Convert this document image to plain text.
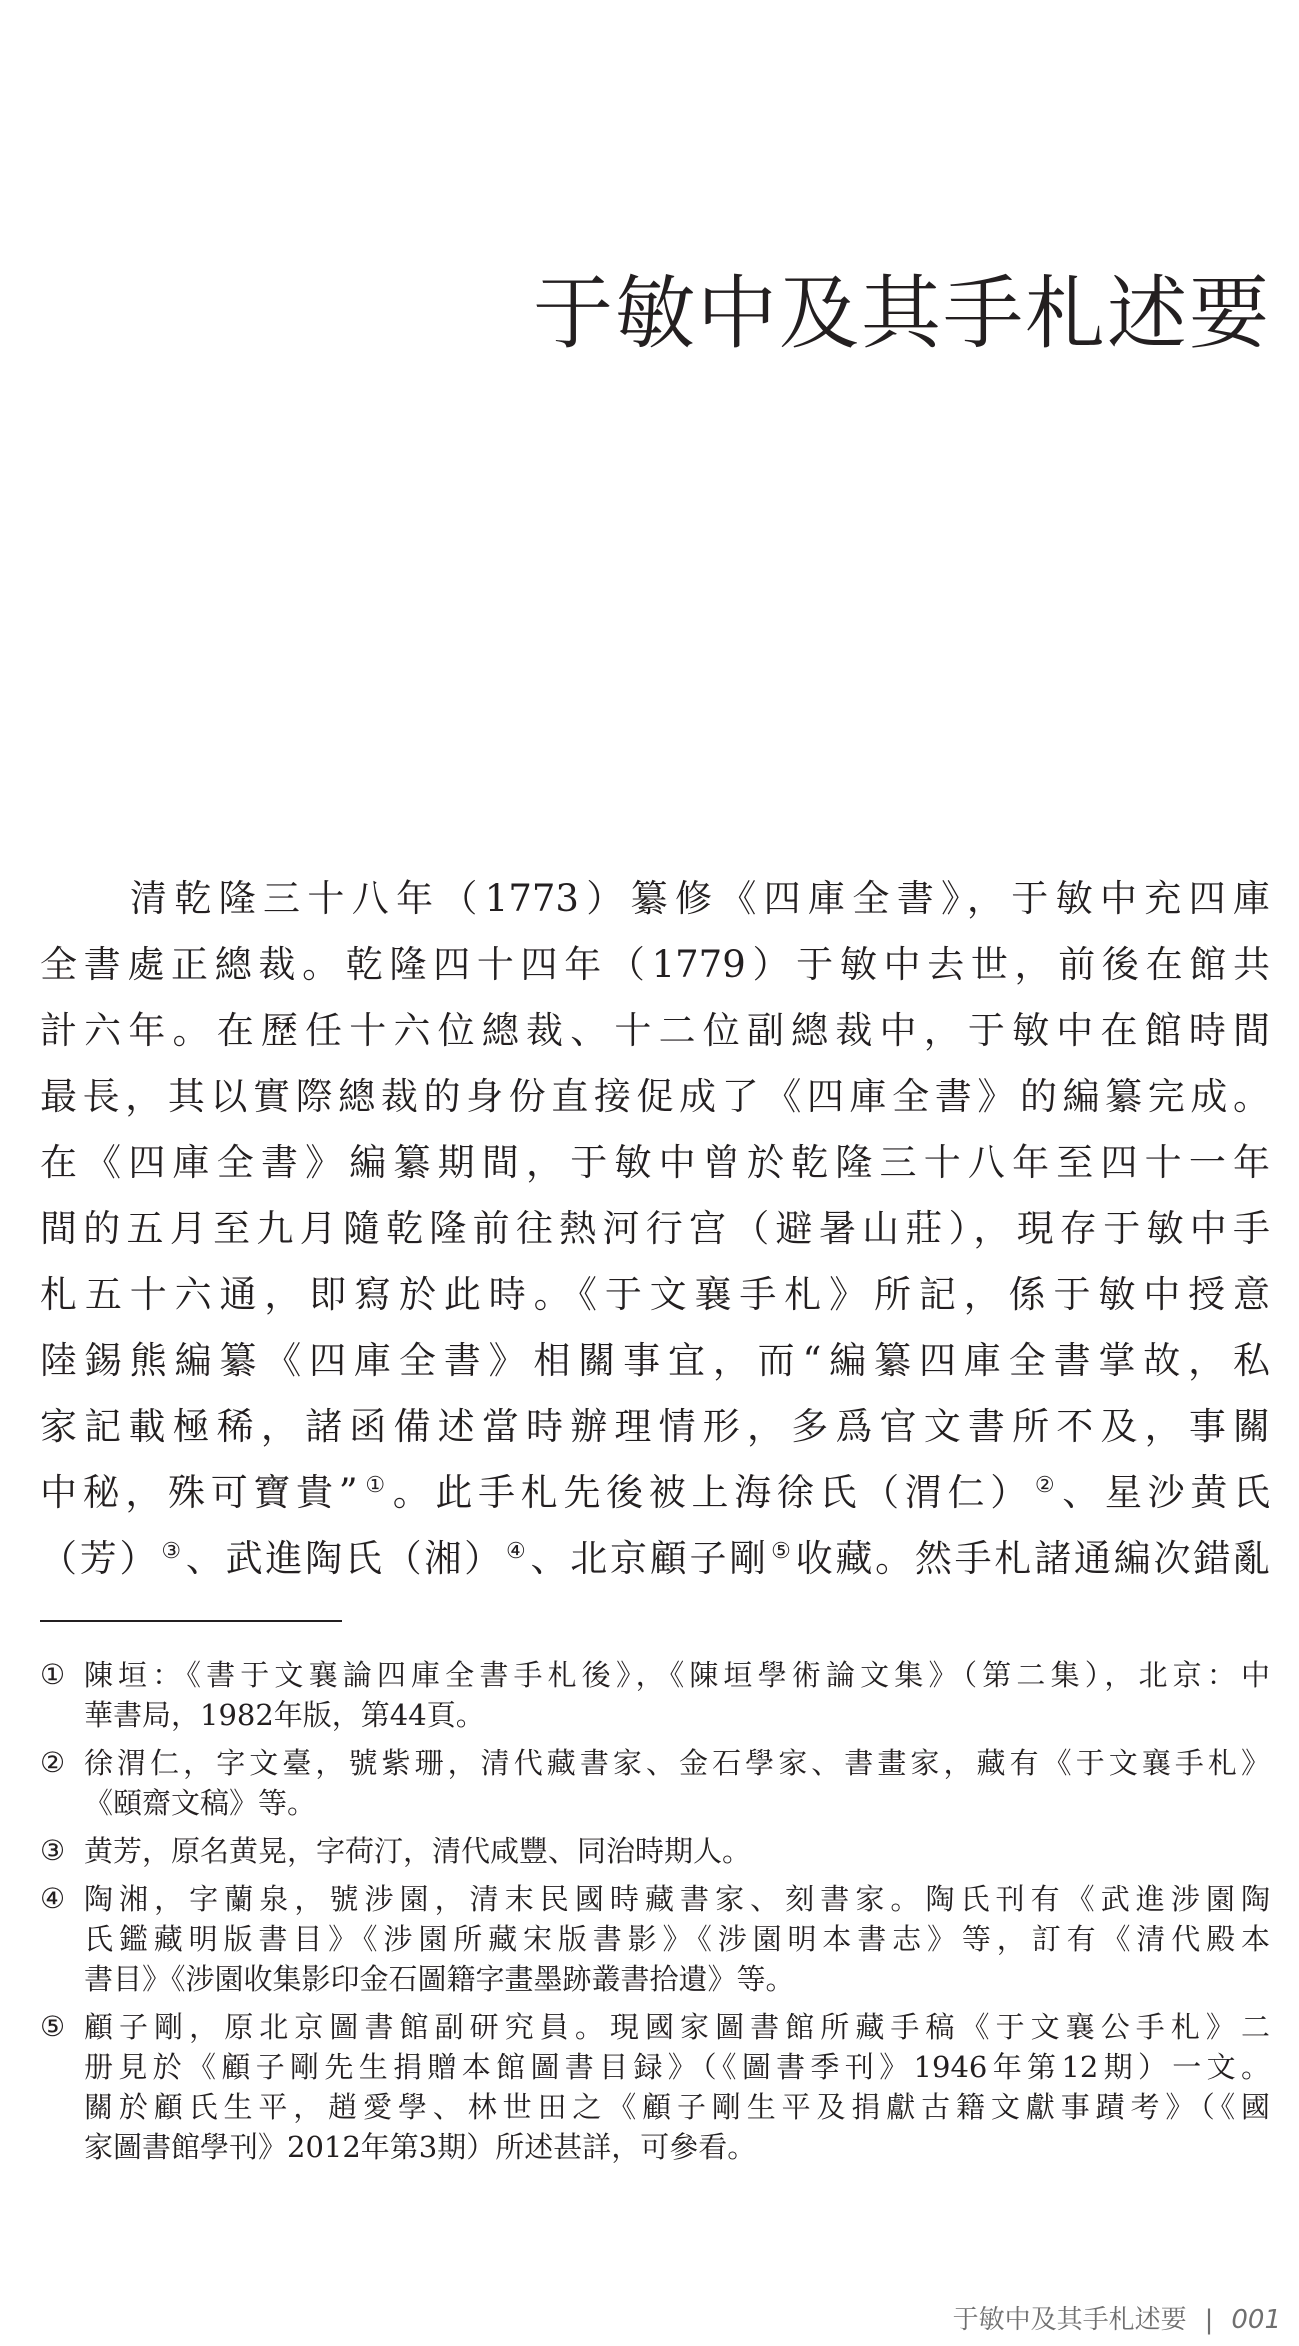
于敏中及其手札述要
清乾隆三十八年（1773）纂修《四庫全書》，于敏中充四庫
全書處正總裁。乾隆四十四年（1779）于敏中去世，前後在館共
計六年。在歷任十六位總裁、十二位副總裁中，于敏中在館時間
最長，其以實際總裁的身份直接促成了《四庫全書》的編纂完成。
在《四庫全書》編纂期間，于敏中曾於乾隆三十八年至四十一年
間的五月至九月隨乾隆前往熱河行宫（避暑山莊），現存于敏中手
札五十六通，即寫於此時。《于文襄手札》所記，係于敏中授意
陸錫熊編纂《四庫全書》相關事宜，而“編纂四庫全書掌故，私
家記載極稀，諸函備述當時辦理情形，多爲官文書所不及，事關
中秘，殊可寶貴”①。此手札先後被上海徐氏（渭仁）②、星沙黄氏
（芳）③、武進陶氏（湘）④、北京顧子剛⑤收藏。然手札諸通編次錯亂
① 陳垣：《書于文襄論四庫全書手札後》，《陳垣學術論文集》（第二集），北京：中
華書局，1982年版，第44頁。
② 徐渭仁，字文臺，號紫珊，清代藏書家、金石學家、書畫家，藏有《于文襄手札》
《頤齋文稿》等。
③ 黄芳，原名黄晃，字荷汀，清代咸豐、同治時期人。
④ 陶湘，字蘭泉，號涉園，清末民國時藏書家、刻書家。陶氏刊有《武進涉園陶
氏鑑藏明版書目》《涉園所藏宋版書影》《涉園明本書志》等，訂有《清代殿本
書目》《涉園收集影印金石圖籍字畫墨跡叢書拾遺》等。
⑤ 顧子剛，原北京圖書館副研究員。現國家圖書館所藏手稿《于文襄公手札》二
册見於《顧子剛先生捐贈本館圖書目録》（《圖書季刊》1946年第12期）一文。
關於顧氏生平，趙愛學、林世田之《顧子剛生平及捐獻古籍文獻事蹟考》（《國
家圖書館學刊》2012年第3期）所述甚詳，可參看。
于敏中及其手札述要 | 001
